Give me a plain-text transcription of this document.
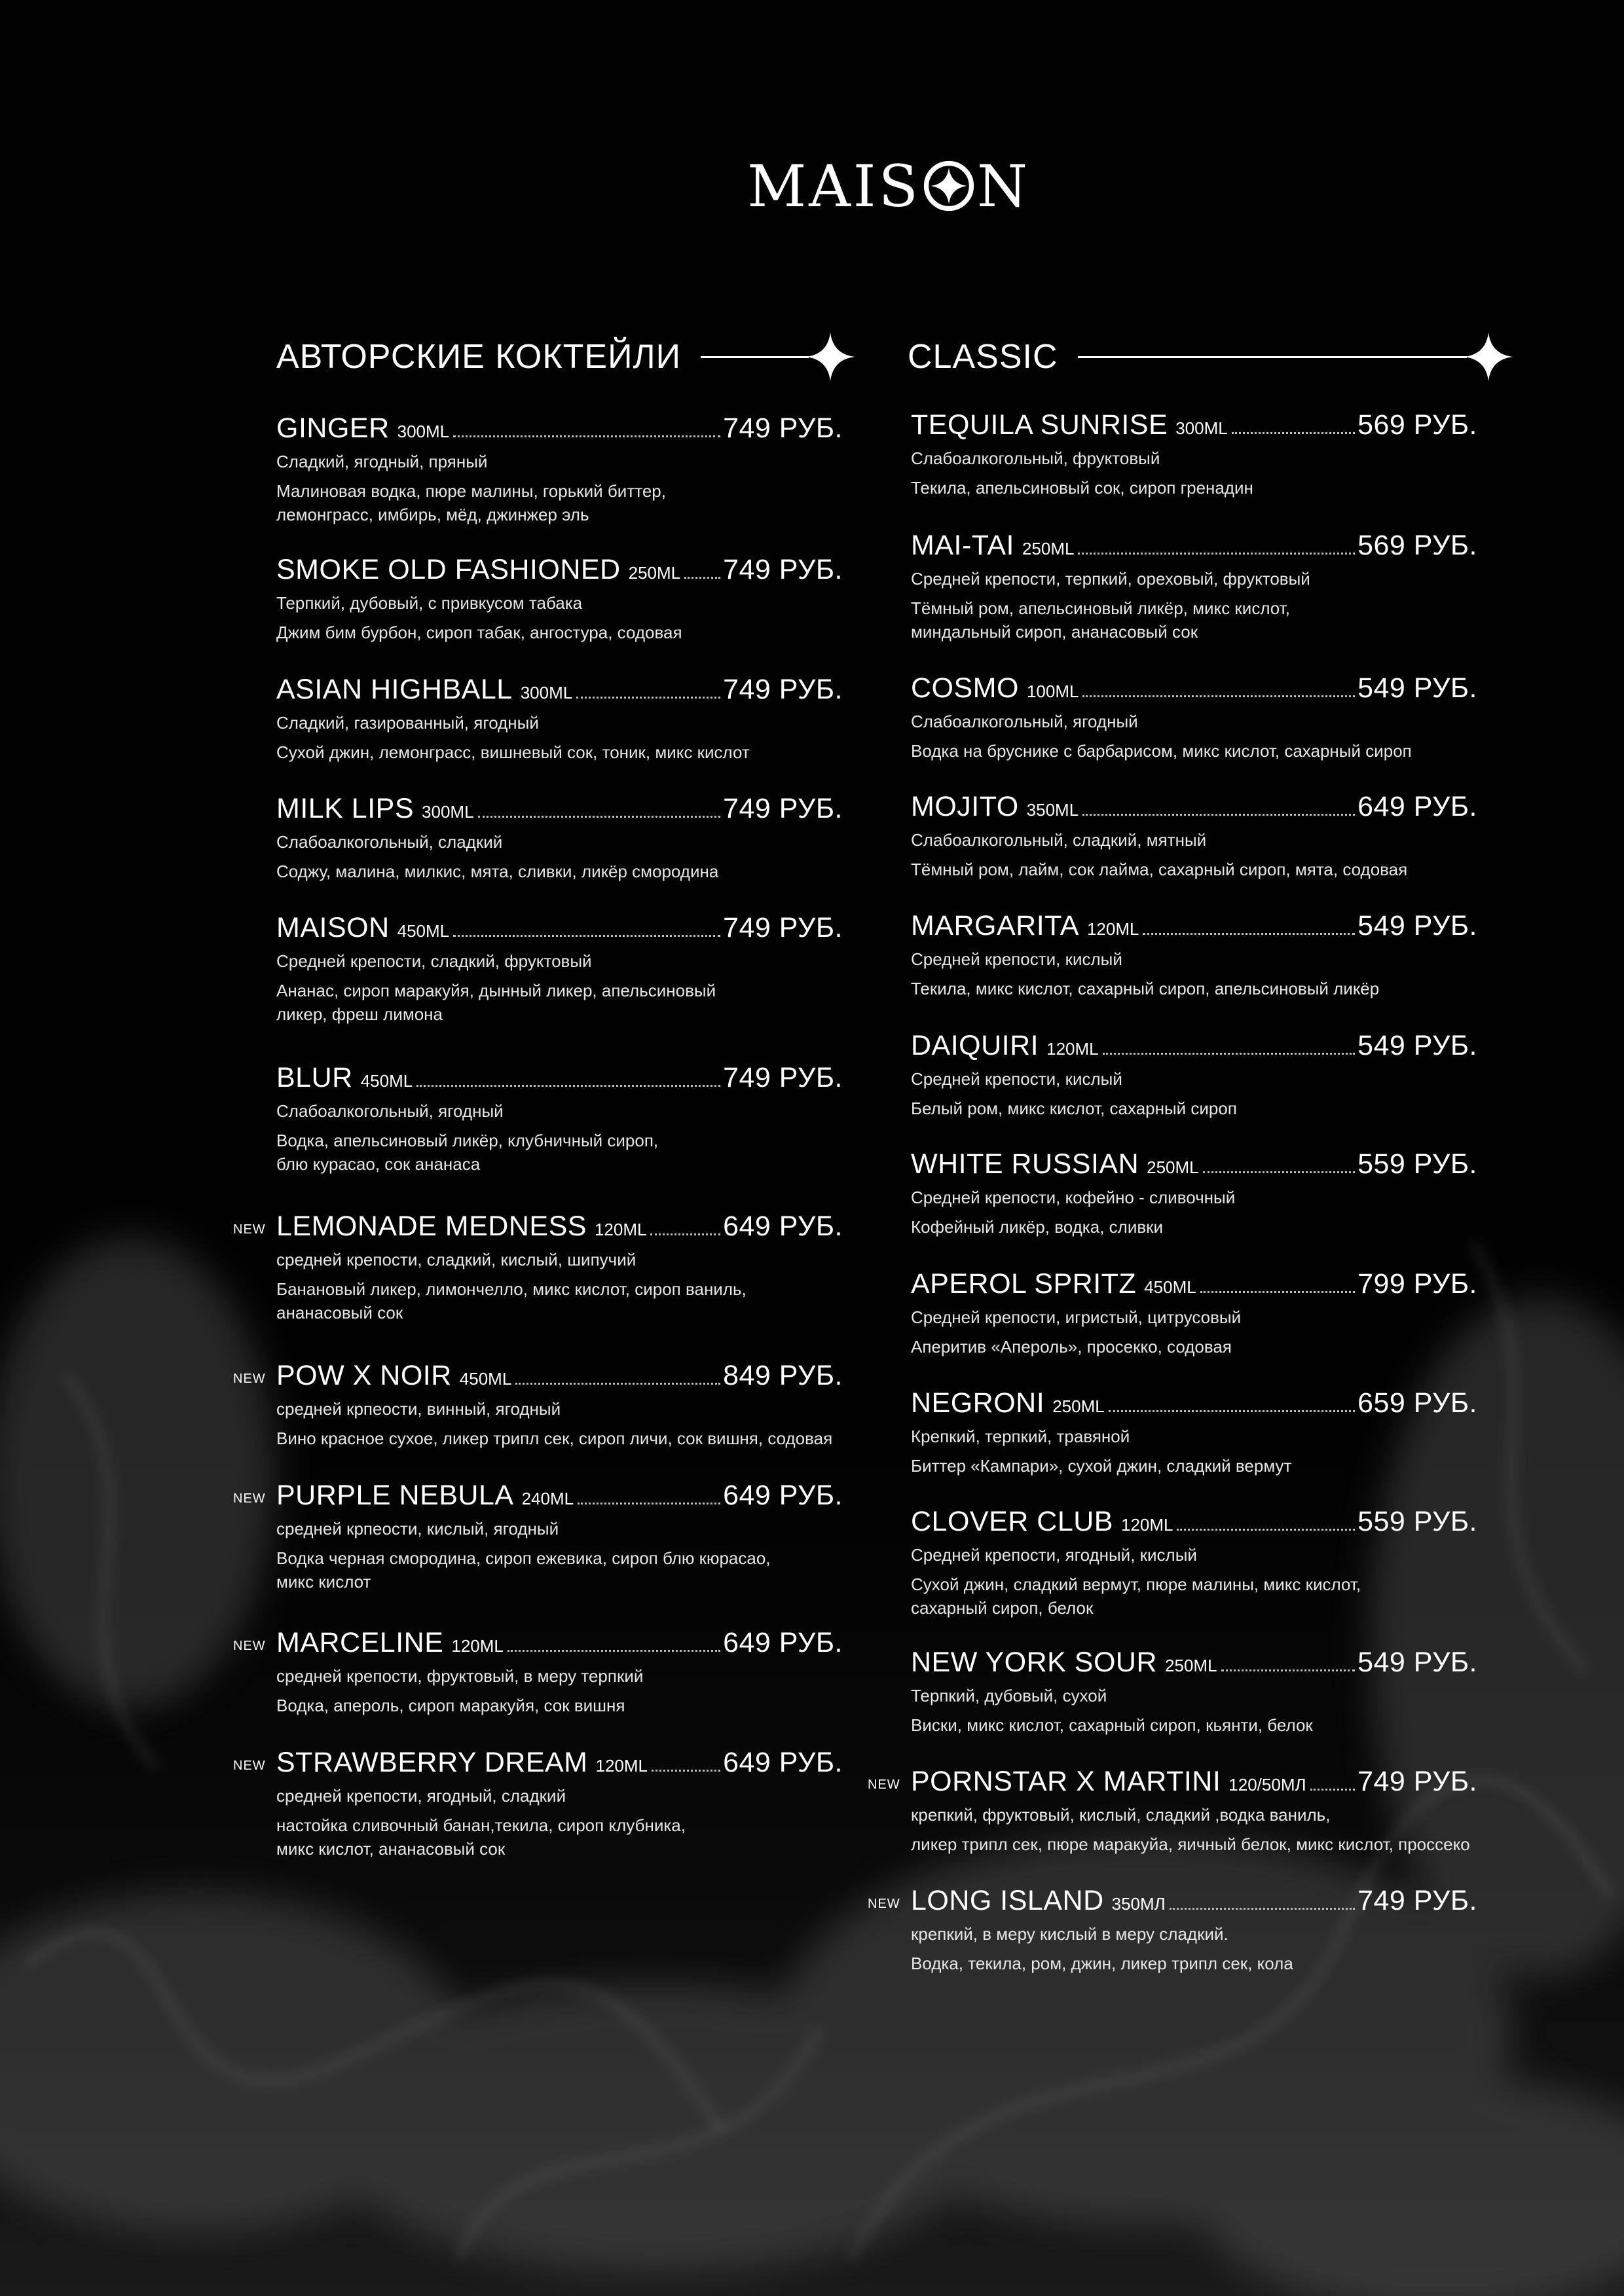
MAI S N
АВТОРСКИЕ КОКТЕЙЛИ	CLASSIC
GINGER 300ML	749 РУБ.
Сладкий, ягодный, пряный
Малиновая водка, пюре малины, горький биттер,
лемонграсс, имбирь, мёд, джинжер эль
SMOKE OLD FASHIONED 250ML 749 РУБ.
Терпкий, дубовый, с привкусом табака
Джим бим бурбон, сироп табак, ангостура, содовая
ASIAN HIGHBALL 300ML	749 РУБ.
Сладкий, газированный, ягодный
Сухой джин, лемонграсс, вишневый сок, тоник, микс кислот
MILK LIPS 300ML	749 РУБ.
Слабоалкогольный, сладкий
Соджу, малина, милкис, мята, сливки, ликёр смородина
MAISON 450ML	749 РУБ.
Средней крепости, сладкий, фруктовый
Ананас, сироп маракуйя, дынный ликер, апельсиновый
ликер, фреш лимона
BLUR 450ML	749 РУБ.
Слабоалкогольный, ягодный
Водка, апельсиновый ликёр, клубничный сироп,
блю курасао, сок ананаса
NEW LEMONADE MEDNESS 120ML	649 РУБ.
средней крепости, сладкий, кислый, шипучий
Банановый ликер, лимончелло, микс кислот, сироп ваниль,
ананасовый сок
NEW POW X NOIR 450ML	849 РУБ.
средней крпеости, винный, ягодный
Вино красное сухое, ликер трипл сек, сироп личи, сок вишня, содовая
NEW PURPLE NEBULA 240ML	649 РУБ.
средней крпеости, кислый, ягодный
Водка черная смородина, сироп ежевика, сироп блю кюрасао,
микс кислот
NEW MARCELINE 120ML	649 РУБ.
средней крепости, фруктовый, в меру терпкий
Водка, апероль, сироп маракуйя, сок вишня
NEW STRAWBERRY DREAM 120ML	649 РУБ.
средней крепости, ягодный, сладкий
настойка сливочный банан,текила, сироп клубника,
микс кислот, ананасовый сок
TEQUILA SUNRISE 300ML	569 РУБ.
Слабоалкогольный, фруктовый
Текила, апельсиновый сок, сироп гренадин
MAI-TAI 250ML	569 РУБ.
Средней крепости, терпкий, ореховый, фруктовый
Тёмный ром, апельсиновый ликёр, микс кислот,
миндальный сироп, ананасовый сок
COSMO 100ML	549 РУБ.
Слабоалкогольный, ягодный
Водка на бруснике с барбарисом, микс кислот, сахарный сироп
MOJITO 350ML	649 РУБ.
Слабоалкогольный, сладкий, мятный
Тёмный ром, лайм, сок лайма, сахарный сироп, мята, содовая
MARGARITA 120ML	549 РУБ.
Средней крепости, кислый
Текила, микс кислот, сахарный сироп, апельсиновый ликёр
DAIQUIRI 120ML	549 РУБ.
Средней крепости, кислый
Белый ром, микс кислот, сахарный сироп
WHITE RUSSIAN 250ML	559 РУБ.
Средней крепости, кофейно - сливочный
Кофейный ликёр, водка, сливки
APEROL SPRITZ 450ML	799 РУБ.
Средней крепости, игристый, цитрусовый
Аперитив «Апероль», просекко, содовая
NEGRONI 250ML	659 РУБ.
Крепкий, терпкий, травяной
Биттер «Кампари», сухой джин, сладкий вермут
CLOVER CLUB 120ML	559 РУБ.
Средней крепости, ягодный, кислый
Сухой джин, сладкий вермут, пюре малины, микс кислот,
сахарный сироп, белок
NEW YORK SOUR 250ML	549 РУБ.
Терпкий, дубовый, сухой
Виски, микс кислот, сахарный сироп, кьянти, белок
NEW PORNSTAR X MARTINI 120/50МЛ 749 РУБ.
крепкий, фруктовый, кислый, сладкий ,водка ваниль,
ликер трипл сек, пюре маракуйа, яичный белок, микс кислот, проссеко
NEW LONG ISLAND 350МЛ	749 РУБ.
крепкий, в меру кислый в меру сладкий.
Водка, текила, ром, джин, ликер трипл сек, кола
